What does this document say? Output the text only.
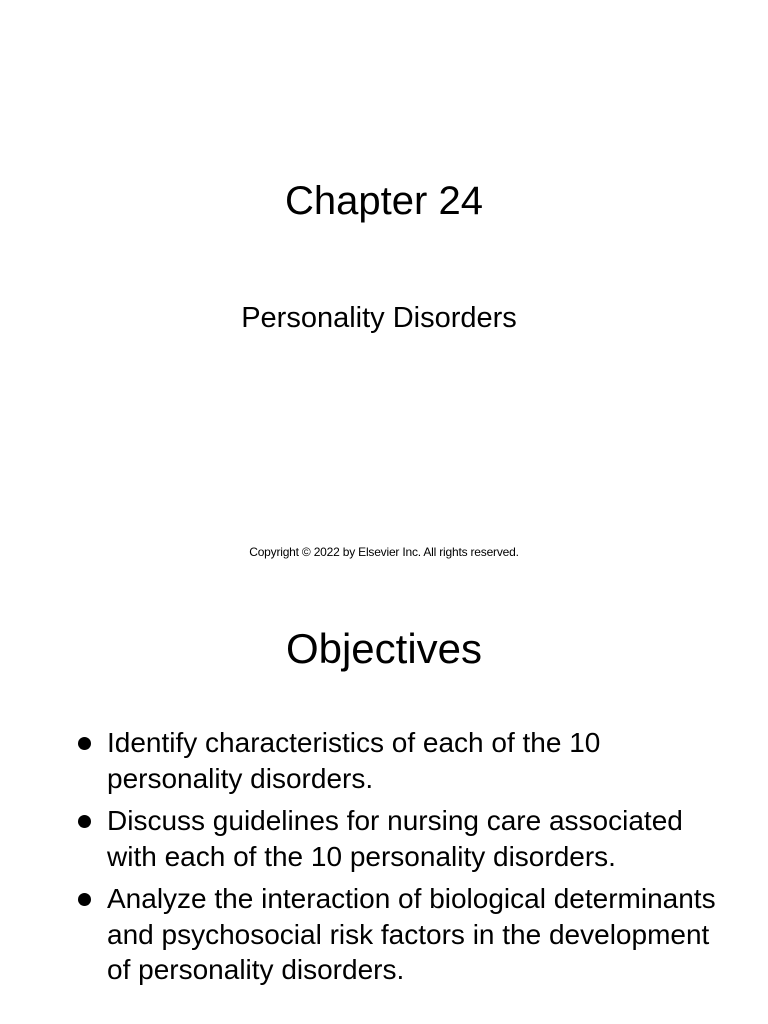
Chapter 24
Personality Disorders
Copyright © 2022 by Elsevier Inc. All rights reserved.
Objectives
Identify characteristics of each of the 10 personality disorders.
Discuss guidelines for nursing care associated with each of the 10 personality disorders.
Analyze the interaction of biological determinants and psychosocial risk factors in the development of personality disorders.
